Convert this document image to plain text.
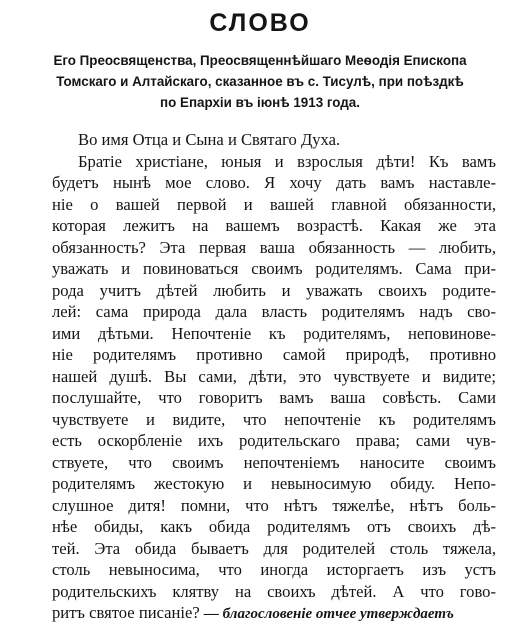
СЛОВО
Его Преосвященства, Преосвященнѣйшаго Меѳодія Епископа
Томскаго и Алтайскаго, сказанное въ с. Тисулѣ, при поѣздкѣ
по Епархіи въ іюнѣ 1913 года.
Во имя Отца и Сына и Святаго Духа.
Братіе христіане, юныя и взрослыя дѣти! Къ вамъ
будетъ нынѣ мое слово. Я хочу дать вамъ наставле-
ніе о вашей первой и вашей главной обязанности,
которая лежитъ на вашемъ возрастѣ. Какая же эта
обязанность? Эта первая ваша обязанность — любить,
уважать и повиноваться своимъ родителямъ. Сама при-
рода учитъ дѣтей любить и уважать своихъ родите-
лей: сама природа дала власть родителямъ надъ сво-
ими дѣтьми. Непочтеніе къ родителямъ, неповинове-
ніе родителямъ противно самой природѣ, противно
нашей душѣ. Вы сами, дѣти, это чувствуете и видите;
послушайте, что говоритъ вамъ ваша совѣсть. Сами
чувствуете и видите, что непочтеніе къ родителямъ
есть оскорбленіе ихъ родительскаго права; сами чув-
ствуете, что своимъ непочтеніемъ наносите своимъ
родителямъ жестокую и невыносимую обиду. Непо-
слушное дитя! помни, что нѣтъ тяжелѣе, нѣтъ боль-
нѣе обиды, какъ обида родителямъ отъ своихъ дѣ-
тей. Эта обида бываетъ для родителей столь тяжела,
столь невыносима, что иногда исторгаетъ изъ устъ
родительскихъ клятву на своихъ дѣтей. А что гово-
ритъ святое писаніе? — благословеніе отчее утверждаетъ
